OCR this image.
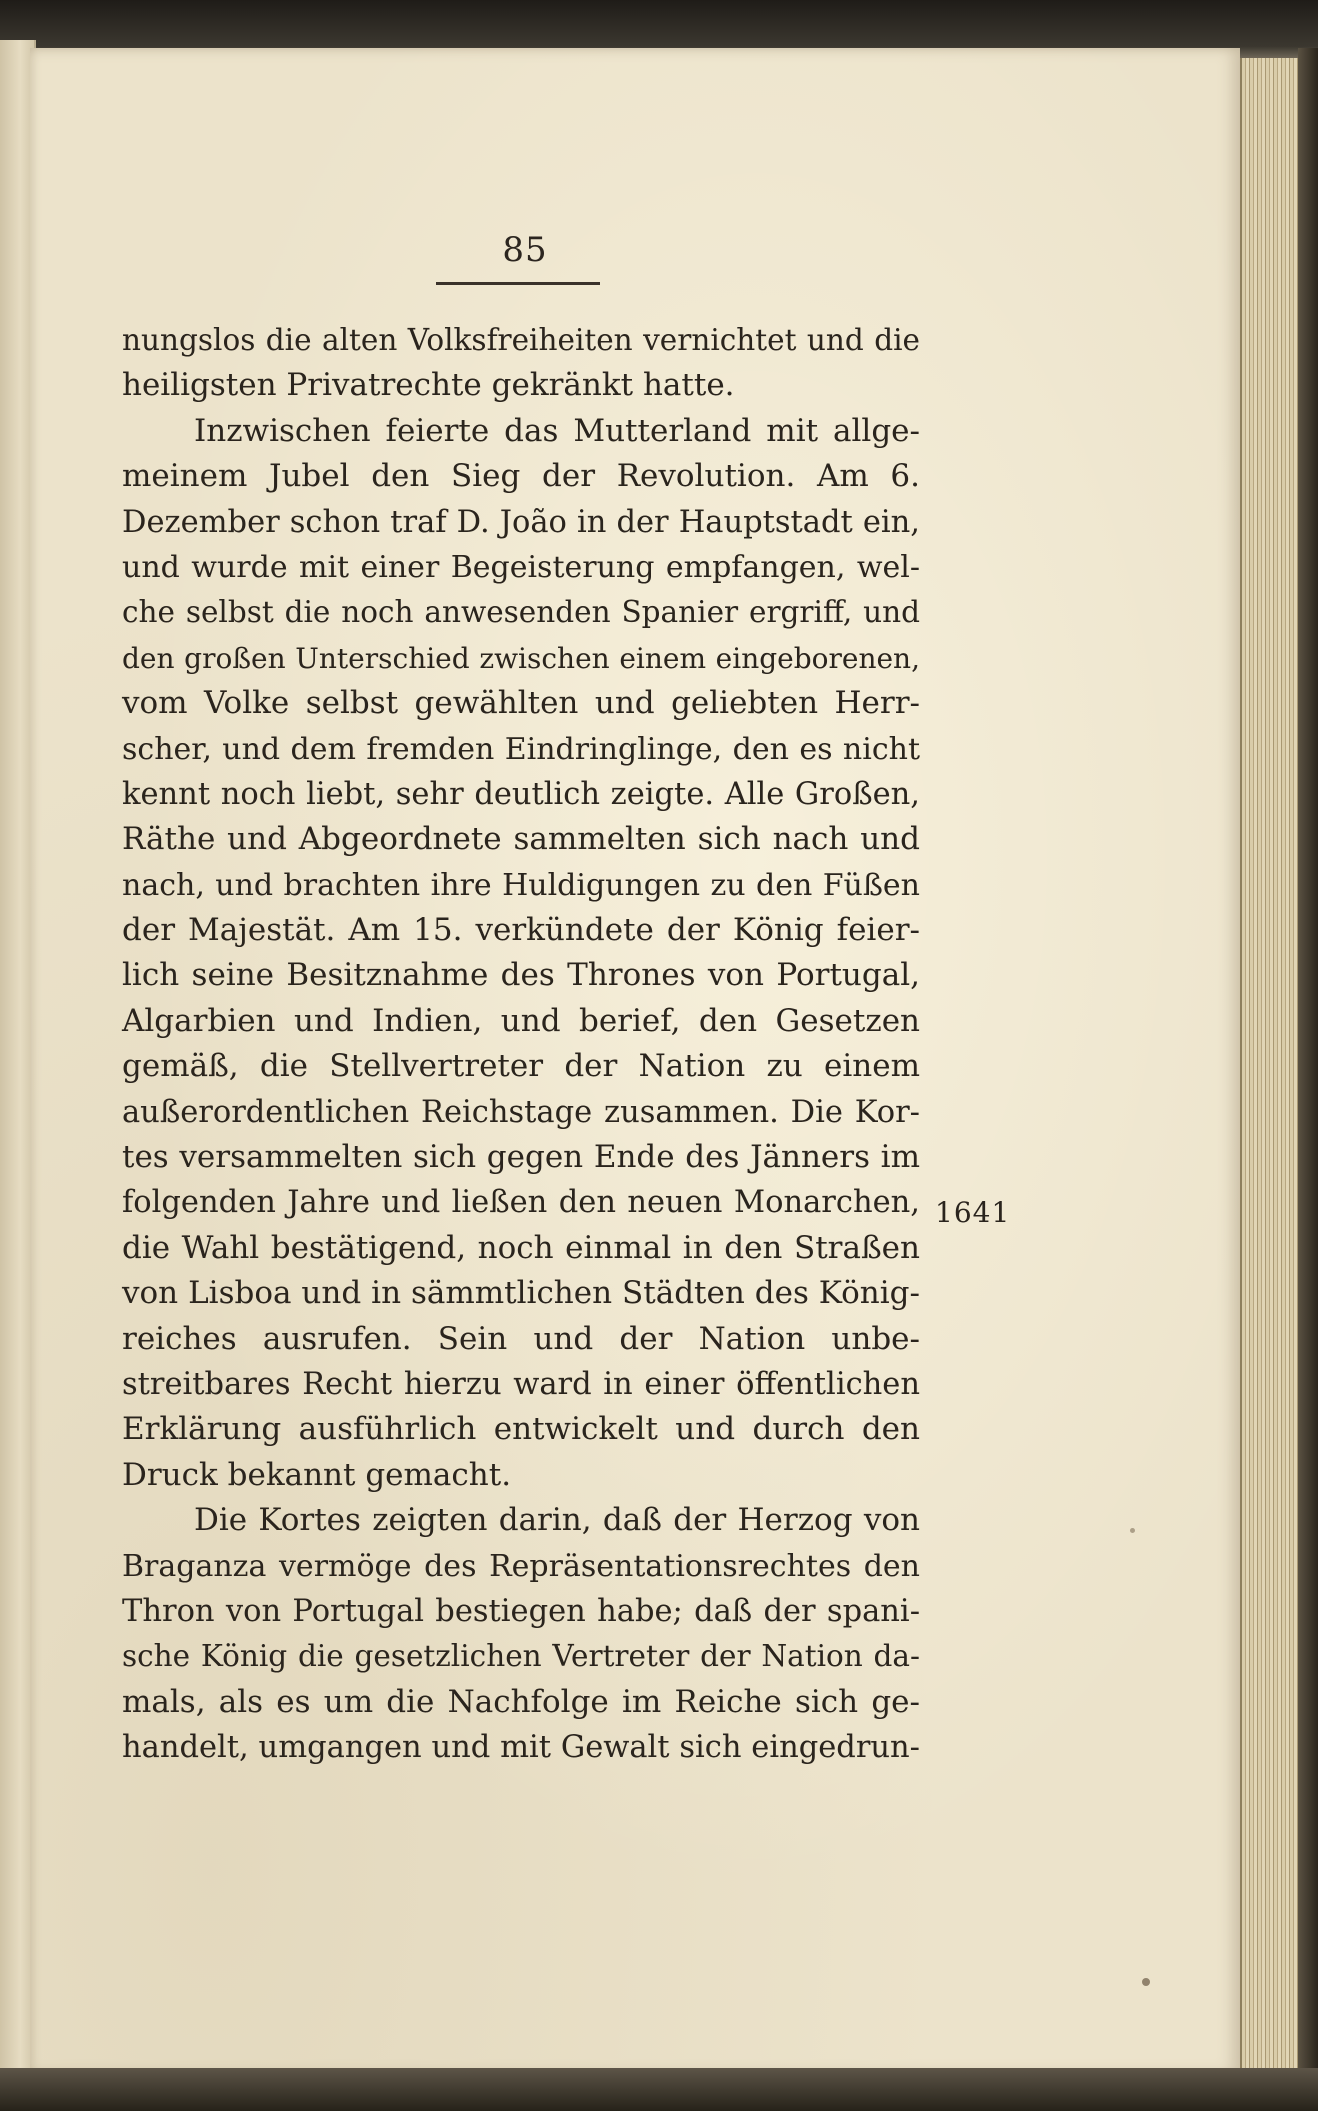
85
nungslos die alten Volksfreiheiten vernichtet und die
heiligsten Privatrechte gekränkt hatte.
Inzwischen feierte das Mutterland mit allge-
meinem Jubel den Sieg der Revolution. Am 6.
Dezember schon traf D. João in der Hauptstadt ein,
und wurde mit einer Begeisterung empfangen, wel-
che selbst die noch anwesenden Spanier ergriff, und
den großen Unterschied zwischen einem eingeborenen,
vom Volke selbst gewählten und geliebten Herr-
scher, und dem fremden Eindringlinge, den es nicht
kennt noch liebt, sehr deutlich zeigte. Alle Großen,
Räthe und Abgeordnete sammelten sich nach und
nach, und brachten ihre Huldigungen zu den Füßen
der Majestät. Am 15. verkündete der König feier-
lich seine Besitznahme des Thrones von Portugal,
Algarbien und Indien, und berief, den Gesetzen
gemäß, die Stellvertreter der Nation zu einem
außerordentlichen Reichstage zusammen. Die Kor-
tes versammelten sich gegen Ende des Jänners im
folgenden Jahre und ließen den neuen Monarchen,
die Wahl bestätigend, noch einmal in den Straßen
von Lisboa und in sämmtlichen Städten des König-
reiches ausrufen. Sein und der Nation unbe-
streitbares Recht hierzu ward in einer öffentlichen
Erklärung ausführlich entwickelt und durch den
Druck bekannt gemacht.
Die Kortes zeigten darin, daß der Herzog von
Braganza vermöge des Repräsentationsrechtes den
Thron von Portugal bestiegen habe; daß der spani-
sche König die gesetzlichen Vertreter der Nation da-
mals, als es um die Nachfolge im Reiche sich ge-
handelt, umgangen und mit Gewalt sich eingedrun-
1641
